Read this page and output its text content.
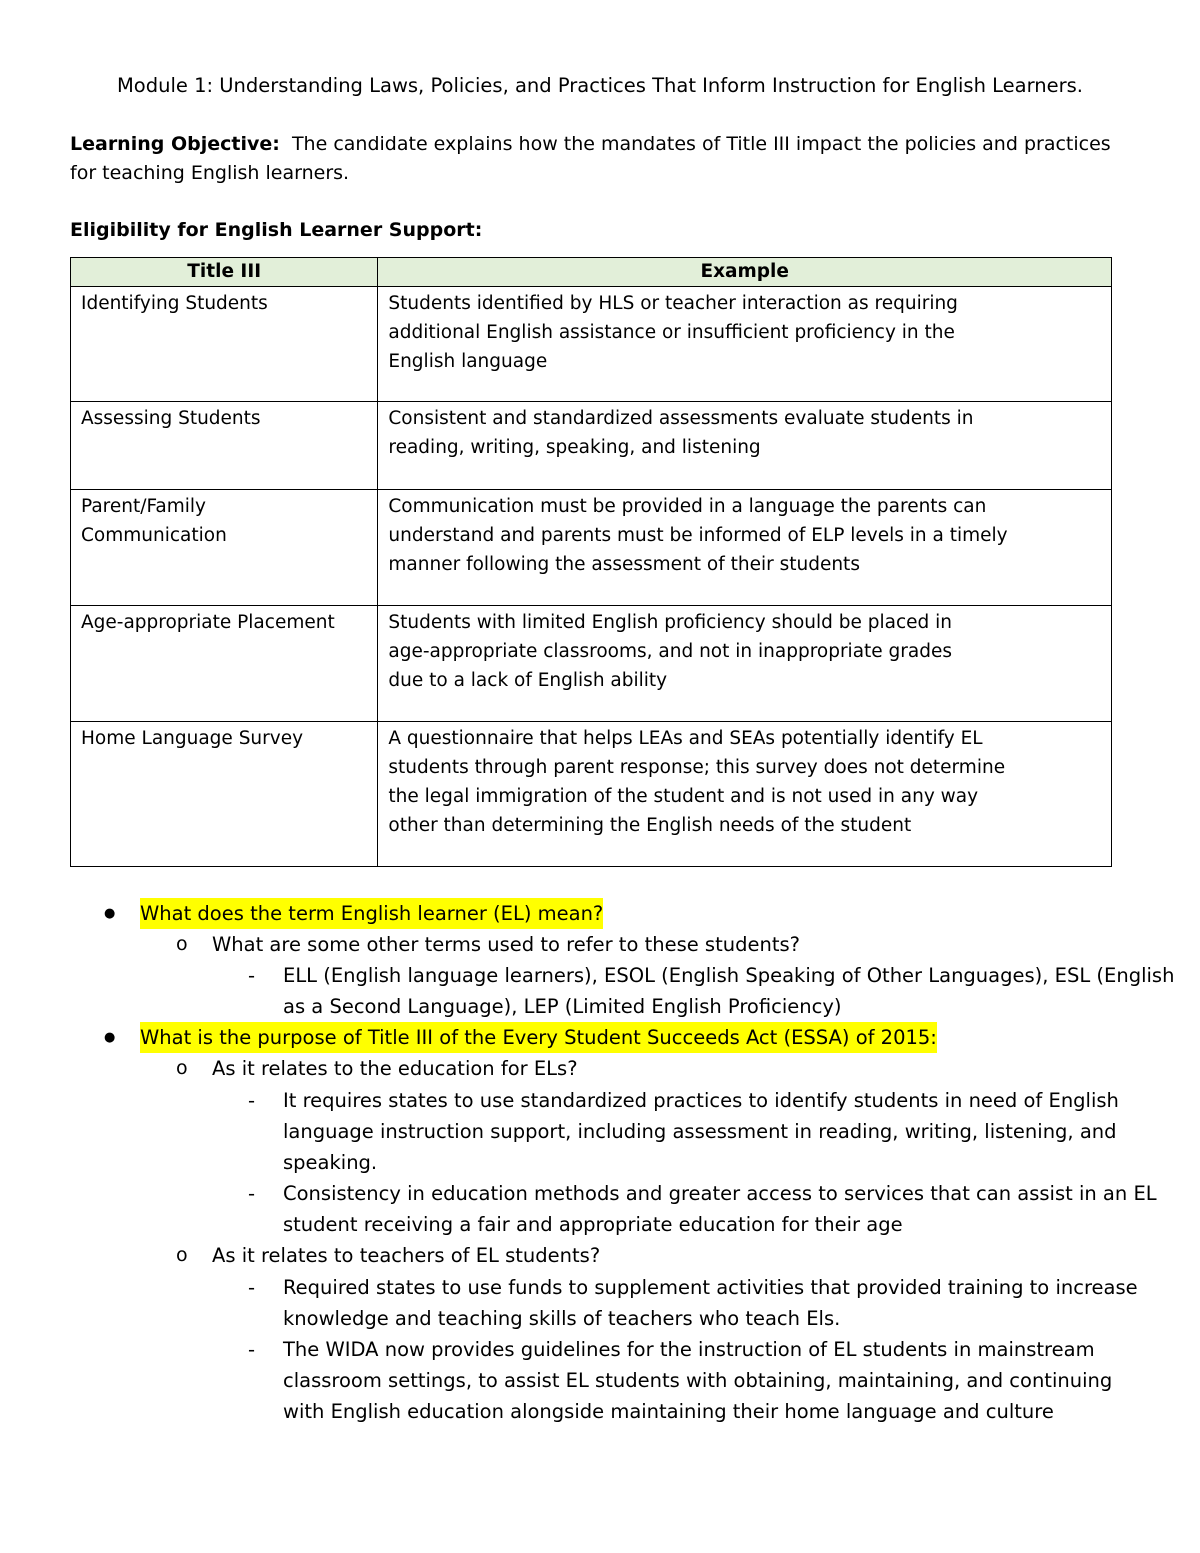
Module 1: Understanding Laws, Policies, and Practices That Inform Instruction for English Learners.
Learning Objective: The candidate explains how the mandates of Title III impact the policies and practices for teaching English learners.
Eligibility for English Learner Support:
Title III	Example
Identifying Students	Students identified by HLS or teacher interaction as requiring additional English assistance or insufficient proficiency in the English language

Assessing Students	Consistent and standardized assessments evaluate students in reading, writing, speaking, and listening

Parent/Family Communication	Communication must be provided in a language the parents can understand and parents must be informed of ELP levels in a timely manner following the assessment of their students

Age-appropriate Placement	Students with limited English proficiency should be placed in age-appropriate classrooms, and not in inappropriate grades due to a lack of English ability

Home Language Survey	A questionnaire that helps LEAs and SEAs potentially identify EL students through parent response; this survey does not determine the legal immigration of the student and is not used in any way other than determining the English needs of the student
● What does the term English learner (EL) mean?
o What are some other terms used to refer to these students?
- ELL (English language learners), ESOL (English Speaking of Other Languages), ESL (English
as a Second Language), LEP (Limited English Proficiency)
● What is the purpose of Title III of the Every Student Succeeds Act (ESSA) of 2015:
o As it relates to the education for ELs?
- It requires states to use standardized practices to identify students in need of English
language instruction support, including assessment in reading, writing, listening, and
speaking.
- Consistency in education methods and greater access to services that can assist in an EL
student receiving a fair and appropriate education for their age
o As it relates to teachers of EL students?
- Required states to use funds to supplement activities that provided training to increase
knowledge and teaching skills of teachers who teach Els.
- The WIDA now provides guidelines for the instruction of EL students in mainstream
classroom settings, to assist EL students with obtaining, maintaining, and continuing
with English education alongside maintaining their home language and culture
